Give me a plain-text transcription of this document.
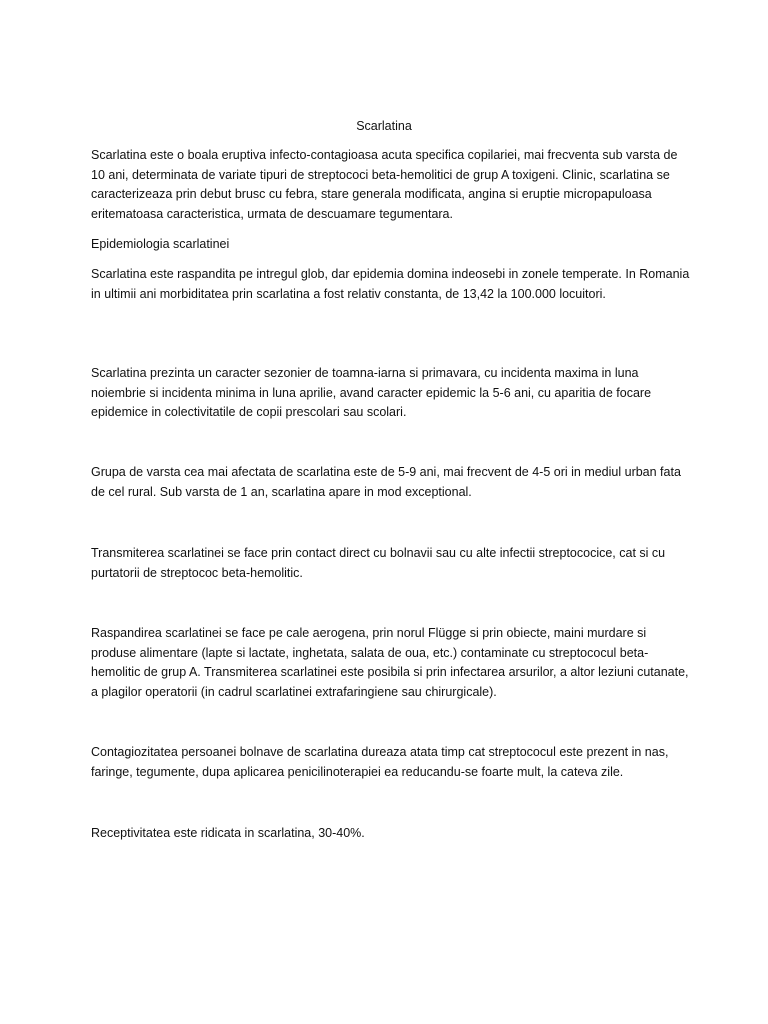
Scarlatina

Scarlatina este o boala eruptiva infecto-contagioasa acuta specifica copilariei, mai frecventa sub varsta de 10 ani, determinata de variate tipuri de streptococi beta-hemolitici de grup A toxigeni. Clinic, scarlatina se caracterizeaza prin debut brusc cu febra, stare generala modificata, angina si eruptie micropapuloasa eritematoasa caracteristica, urmata de descuamare tegumentara.

Epidemiologia scarlatinei

Scarlatina este raspandita pe intregul glob, dar epidemia domina indeosebi in zonele temperate. In Romania in ultimii ani morbiditatea prin scarlatina a fost relativ constanta, de 13,42 la 100.000 locuitori.

Scarlatina prezinta un caracter sezonier de toamna-iarna si primavara, cu incidenta maxima in luna noiembrie si incidenta minima in luna aprilie, avand caracter epidemic la 5-6 ani, cu aparitia de focare epidemice in colectivitatile de copii prescolari sau scolari.

Grupa de varsta cea mai afectata de scarlatina este de 5-9 ani, mai frecvent de 4-5 ori in mediul urban fata de cel rural. Sub varsta de 1 an, scarlatina apare in mod exceptional.

Transmiterea scarlatinei se face prin contact direct cu bolnavii sau cu alte infectii streptococice, cat si cu purtatorii de streptococ beta-hemolitic.

Raspandirea scarlatinei se face pe cale aerogena, prin norul Flügge si prin obiecte, maini murdare si produse alimentare (lapte si lactate, inghetata, salata de oua, etc.) contaminate cu streptococul beta-hemolitic de grup A. Transmiterea scarlatinei este posibila si prin infectarea arsurilor, a altor leziuni cutanate, a plagilor operatorii (in cadrul scarlatinei extrafaringiene sau chirurgicale).

Contagiozitatea persoanei bolnave de scarlatina dureaza atata timp cat streptococul este prezent in nas, faringe, tegumente, dupa aplicarea penicilinoterapiei ea reducandu-se foarte mult, la cateva zile.

Receptivitatea este ridicata in scarlatina, 30-40%.
